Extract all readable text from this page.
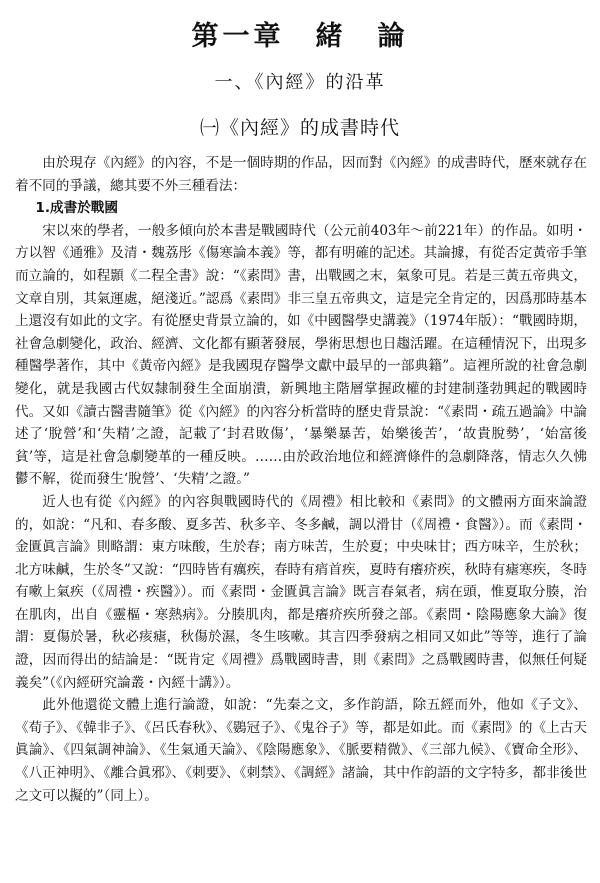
第一章　緒　論
一、《內經》的沿革
㈠《內經》的成書時代

由於現存《內經》的內容，不是一個時期的作品，因而對《內經》的成書時代，歷來就存在着不同的爭議，總其要不外三種看法：

1.成書於戰國

宋以來的學者，一般多傾向於本書是戰國時代（公元前403年～前221年）的作品。如明・方以智《通雅》及清・魏荔彤《傷寒論本義》等，都有明確的記述。其論據，有從否定黃帝手筆而立論的，如程顥《二程全書》說：“《素問》書，出戰國之末，氣象可見。若是三黃五帝典文，文章自別，其氣運處，絕淺近。”認爲《素問》非三皇五帝典文，這是完全肯定的，因爲那時基本上還沒有如此的文字。有從歷史背景立論的，如《中國醫學史講義》（1974年版）：“戰國時期，社會急劇變化，政治、經濟、文化都有顯著發展，學術思想也日趨活躍。在這種情況下，出現多種醫學著作，其中《黃帝內經》是我國現存醫學文獻中最早的一部典籍”。這裡所說的社會急劇變化，就是我國古代奴隸制發生全面崩潰，新興地主階層掌握政權的封建制蓬勃興起的戰國時代。又如《讀古醫書隨筆》從《內經》的內容分析當時的歷史背景說：“《素問・疏五過論》中論述了‘脫營’和‘失精’之證，記載了‘封君敗傷’，‘暴樂暴苦，始樂後苦’，‘故貴脫勢’，‘始富後貧’等，這是社會急劇變革的一種反映。……由於政治地位和經濟條件的急劇降落，情志久久怫鬱不解，從而發生‘脫營’、‘失精’之證。”

近人也有從《內經》的內容與戰國時代的《周禮》相比較和《素問》的文體兩方面來論證的，如說：“凡和、春多酸、夏多苦、秋多辛、冬多鹹，調以滑甘（《周禮・食醫》）。而《素問・金匱眞言論》則略謂：東方味酸，生於春；南方味苦，生於夏；中央味甘；西方味辛，生於秋；北方味鹹，生於冬”又說：“四時皆有癘疾，春時有痟首疾，夏時有癢疥疾，秋時有瘧寒疾，冬時有嗽上氣疾（《周禮・疾醫》）。而《素問・金匱眞言論》既言春氣者，病在頭，惟夏取分腠，治在肌肉，出自《靈樞・寒熱病》。分腠肌肉，都是癢疥疾所發之部。《素問・陰陽應象大論》復謂：夏傷於暑，秋必痎瘧，秋傷於濕，冬生咳嗽。其言四季發病之相同又如此”等等，進行了論證，因而得出的結論是：“既肯定《周禮》爲戰國時書，則《素問》之爲戰國時書，似無任何疑義矣”（《內經研究論叢・內經十講》）。

此外他還從文體上進行論證，如說：“先秦之文，多作韵語，除五經而外，他如《子文》、《荀子》、《韓非子》、《呂氏春秋》、《鷃冠子》、《鬼谷子》等，都是如此。而《素問》的《上古天眞論》、《四氣調神論》、《生氣通天論》、《陰陽應象》、《脈要精微》、《三部九候》、《寶命全形》、《八正神明》、《離合眞邪》、《刺要》、《刺禁》、《調經》諸論，其中作韵語的文字特多，都非後世之文可以擬的”（同上）。
